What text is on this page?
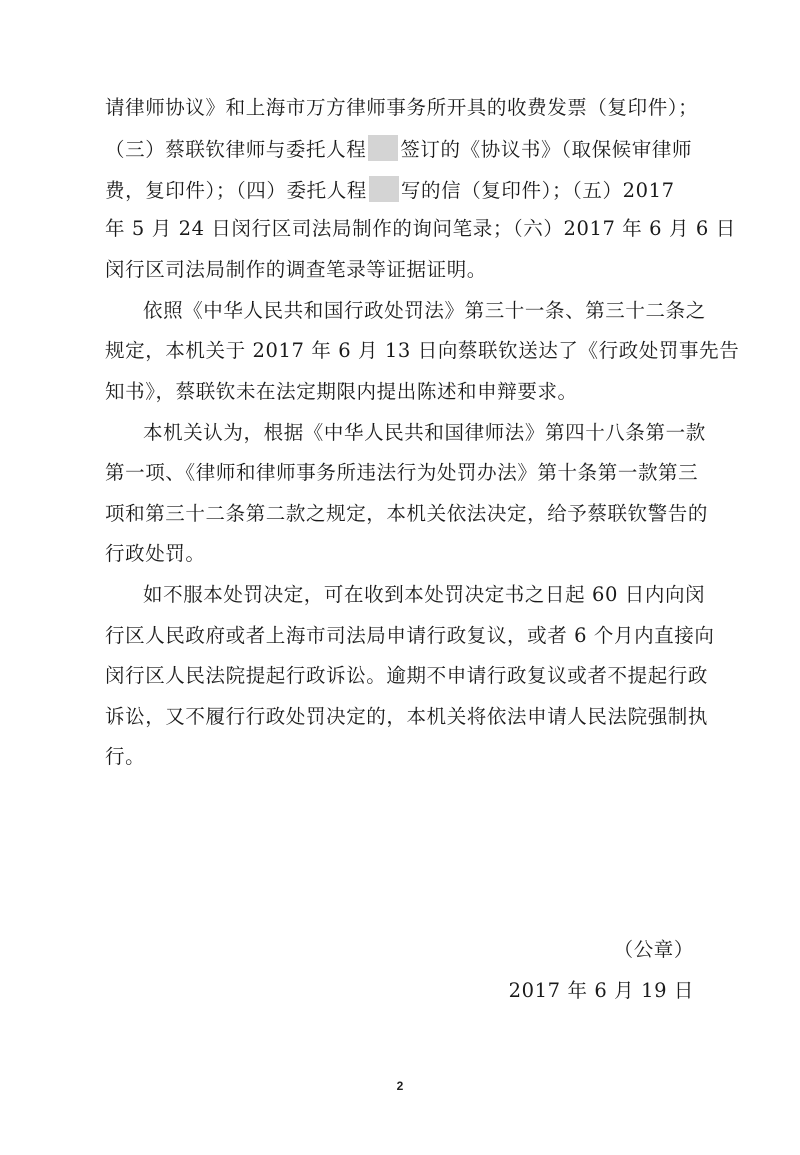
请律师协议》和上海市万方律师事务所开具的收费发票（复印件）；
（三）蔡联钦律师与委托人程 签订的《协议书》（取保候审律师
费，复印件）；（四）委托人程 写的信（复印件）；（五）2017
年 5 月 24 日闵行区司法局制作的询问笔录；（六）2017 年 6 月 6 日
闵行区司法局制作的调查笔录等证据证明。
依照《中华人民共和国行政处罚法》第三十一条、第三十二条之
规定，本机关于 2017 年 6 月 13 日向蔡联钦送达了《行政处罚事先告
知书》，蔡联钦未在法定期限内提出陈述和申辩要求。
本机关认为，根据《中华人民共和国律师法》第四十八条第一款
第一项、《律师和律师事务所违法行为处罚办法》第十条第一款第三
项和第三十二条第二款之规定，本机关依法决定，给予蔡联钦警告的
行政处罚。
如不服本处罚决定，可在收到本处罚决定书之日起 60 日内向闵
行区人民政府或者上海市司法局申请行政复议，或者 6 个月内直接向
闵行区人民法院提起行政诉讼。逾期不申请行政复议或者不提起行政
诉讼，又不履行行政处罚决定的，本机关将依法申请人民法院强制执
行。
（公章）
2017 年 6 月 19 日
2
